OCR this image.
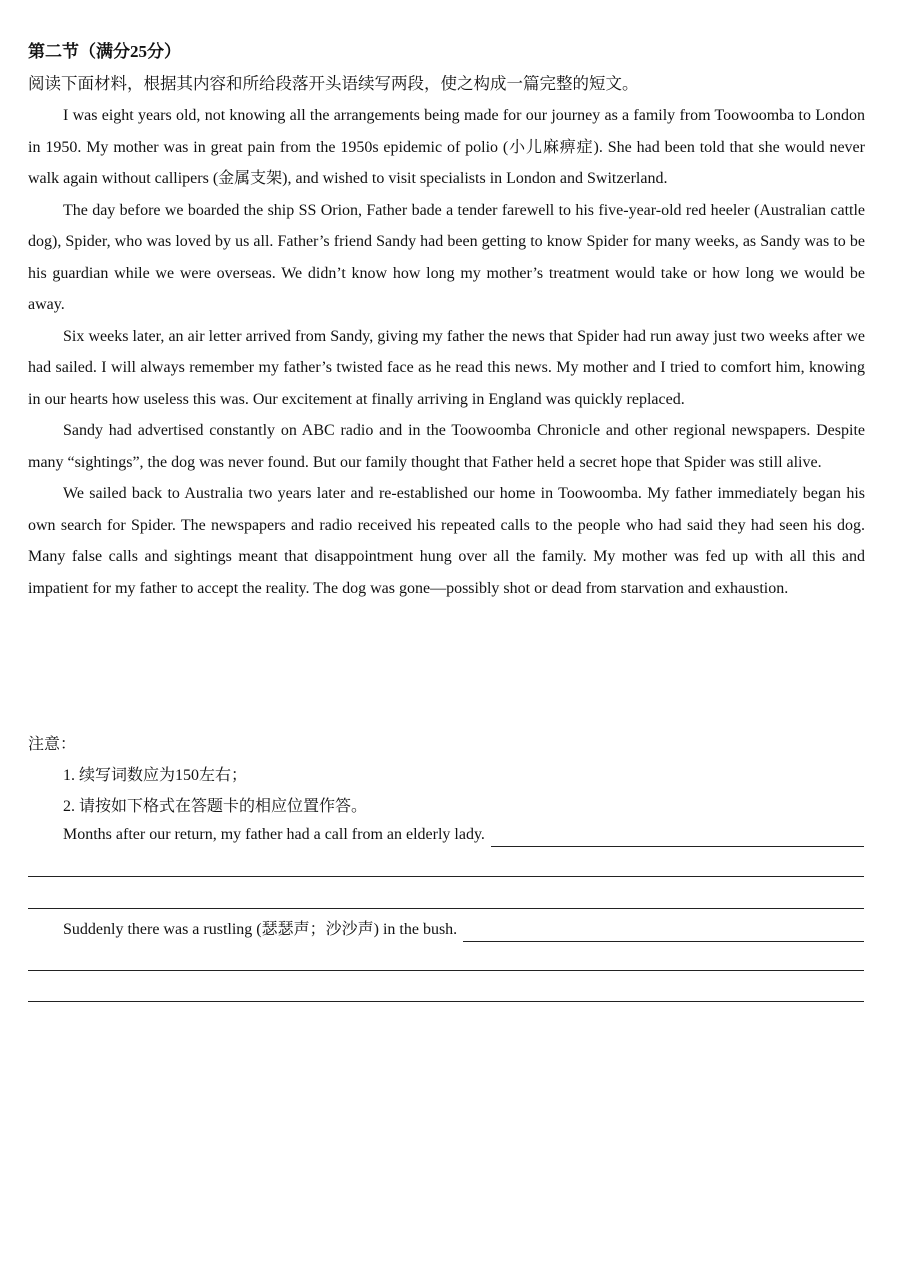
第二节（满分25分）
阅读下面材料，根据其内容和所给段落开头语续写两段，使之构成一篇完整的短文。

I was eight years old, not knowing all the arrangements being made for our journey as a family from Toowoomba to London in 1950. My mother was in great pain from the 1950s epidemic of polio (小儿麻痹症). She had been told that she would never walk again without callipers (金属支架), and wished to visit specialists in London and Switzerland.

The day before we boarded the ship SS Orion, Father bade a tender farewell to his five-year-old red heeler (Australian cattle dog), Spider, who was loved by us all. Father’s friend Sandy had been getting to know Spider for many weeks, as Sandy was to be his guardian while we were overseas. We didn’t know how long my mother’s treatment would take or how long we would be away.

Six weeks later, an air letter arrived from Sandy, giving my father the news that Spider had run away just two weeks after we had sailed. I will always remember my father’s twisted face as he read this news. My mother and I tried to comfort him, knowing in our hearts how useless this was. Our excitement at finally arriving in England was quickly replaced.

Sandy had advertised constantly on ABC radio and in the Toowoomba Chronicle and other regional newspapers. Despite many “sightings”, the dog was never found. But our family thought that Father held a secret hope that Spider was still alive.

We sailed back to Australia two years later and re-established our home in Toowoomba. My father immediately began his own search for Spider. The newspapers and radio received his repeated calls to the people who had said they had seen his dog. Many false calls and sightings meant that disappointment hung over all the family. My mother was fed up with all this and impatient for my father to accept the reality. The dog was gone—possibly shot or dead from starvation and exhaustion.

注意：
1. 续写词数应为150左右；
2. 请按如下格式在答题卡的相应位置作答。
Months after our return, my father had a call from an elderly lady.
Suddenly there was a rustling (瑟瑟声；沙沙声) in the bush.
